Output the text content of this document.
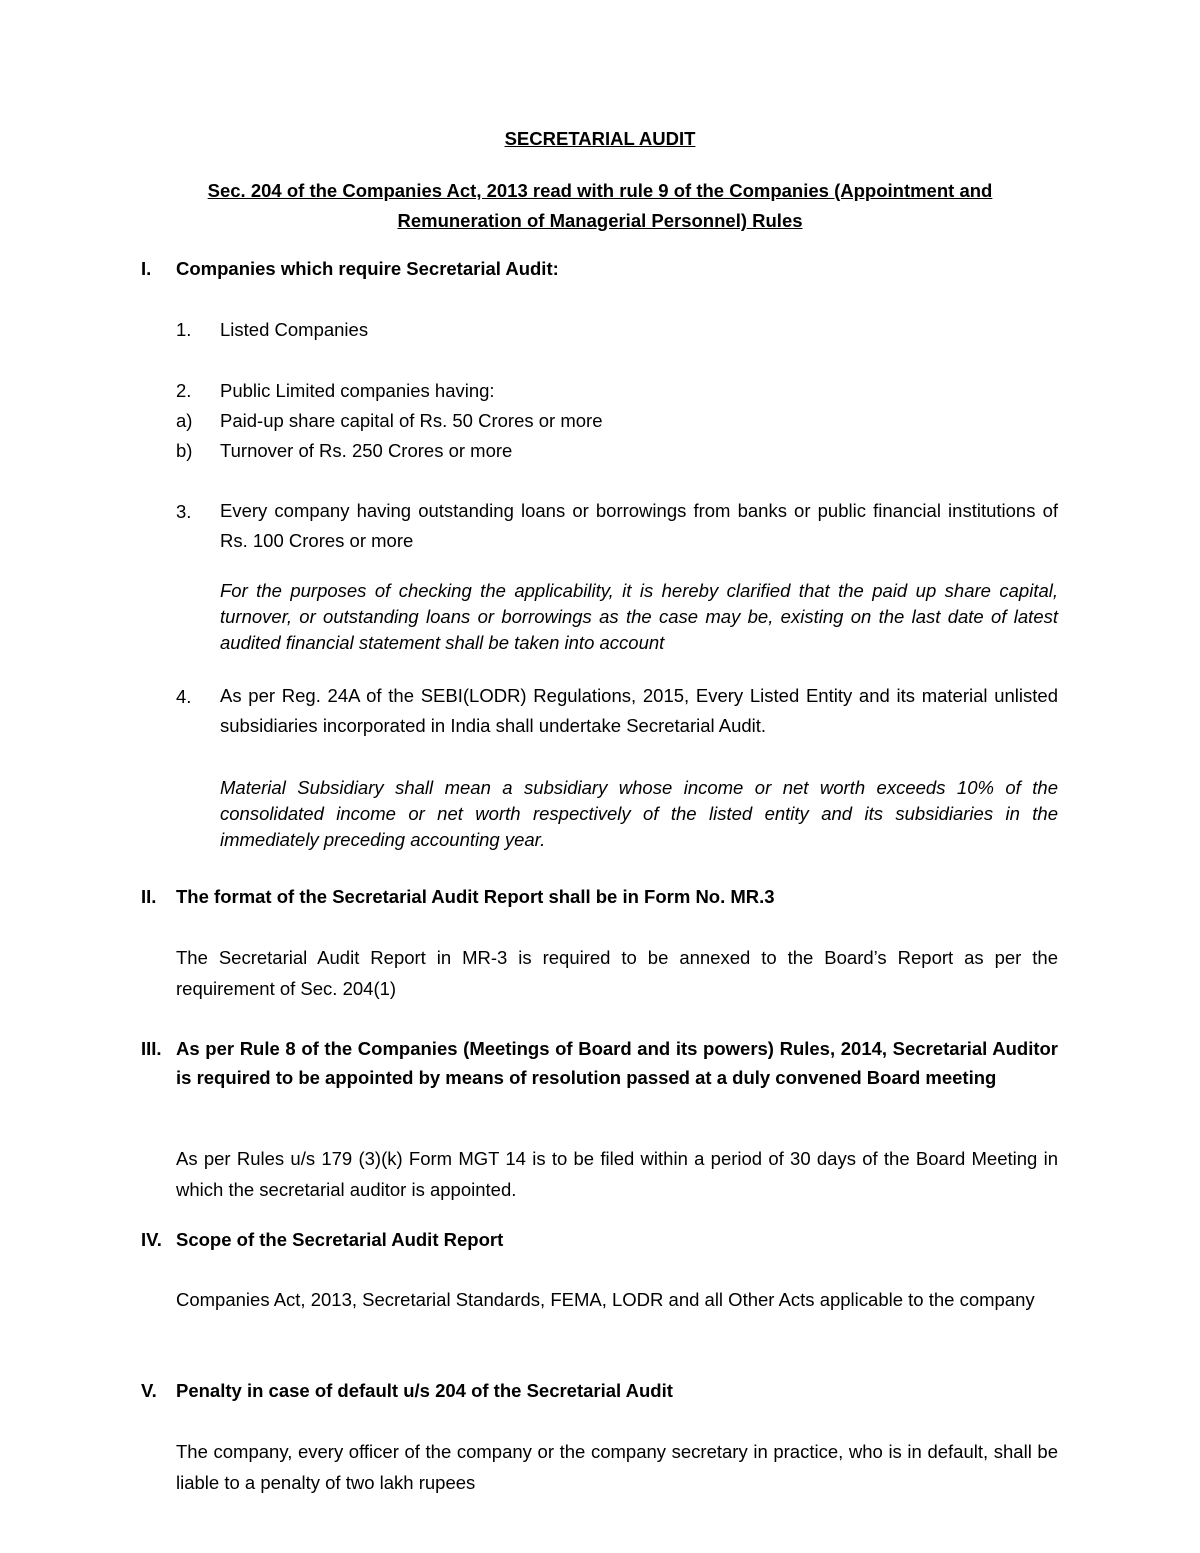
SECRETARIAL AUDIT
Sec. 204 of the Companies Act, 2013 read with rule 9 of the Companies (Appointment and
Remuneration of Managerial Personnel) Rules
I. Companies which require Secretarial Audit:
1. Listed Companies
2. Public Limited companies having:
a) Paid-up share capital of Rs. 50 Crores or more
b) Turnover of Rs. 250 Crores or more
3. Every company having outstanding loans or borrowings from banks or public financial institutions of Rs. 100 Crores or more
For the purposes of checking the applicability, it is hereby clarified that the paid up share capital, turnover, or outstanding loans or borrowings as the case may be, existing on the last date of latest audited financial statement shall be taken into account
4. As per Reg. 24A of the SEBI(LODR) Regulations, 2015, Every Listed Entity and its material unlisted subsidiaries incorporated in India shall undertake Secretarial Audit.
Material Subsidiary shall mean a subsidiary whose income or net worth exceeds 10% of the consolidated income or net worth respectively of the listed entity and its subsidiaries in the immediately preceding accounting year.
II. The format of the Secretarial Audit Report shall be in Form No. MR.3
The Secretarial Audit Report in MR-3 is required to be annexed to the Board’s Report as per the requirement of Sec. 204(1)
III. As per Rule 8 of the Companies (Meetings of Board and its powers) Rules, 2014, Secretarial Auditor is required to be appointed by means of resolution passed at a duly convened Board meeting
As per Rules u/s 179 (3)(k) Form MGT 14 is to be filed within a period of 30 days of the Board Meeting in which the secretarial auditor is appointed.
IV. Scope of the Secretarial Audit Report
Companies Act, 2013, Secretarial Standards, FEMA, LODR and all Other Acts applicable to the company
V. Penalty in case of default u/s 204 of the Secretarial Audit
The company, every officer of the company or the company secretary in practice, who is in default, shall be liable to a penalty of two lakh rupees
